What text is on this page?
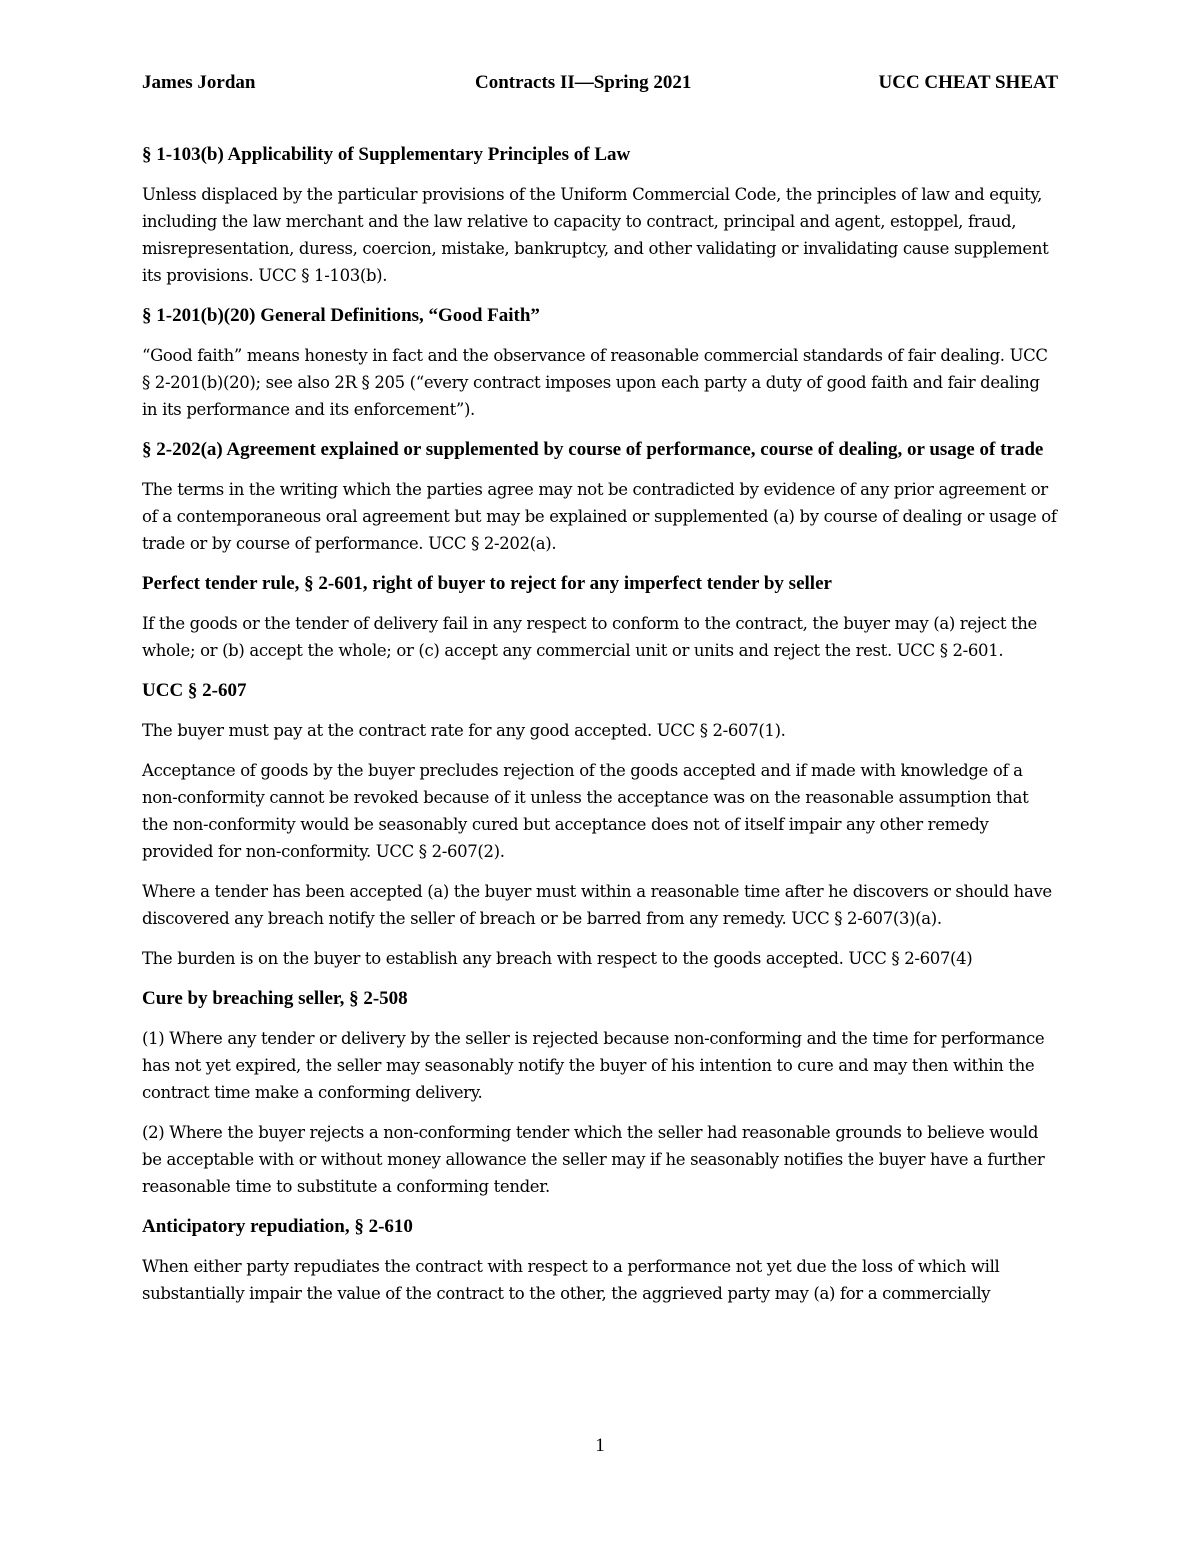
James Jordan	Contracts II—Spring 2021	UCC CHEAT SHEAT

§ 1-103(b) Applicability of Supplementary Principles of Law

Unless displaced by the particular provisions of the Uniform Commercial Code, the principles of law and equity, including the law merchant and the law relative to capacity to contract, principal and agent, estoppel, fraud, misrepresentation, duress, coercion, mistake, bankruptcy, and other validating or invalidating cause supplement its provisions. UCC § 1-103(b).

§ 1-201(b)(20) General Definitions, “Good Faith”

“Good faith” means honesty in fact and the observance of reasonable commercial standards of fair dealing. UCC § 2-201(b)(20); see also 2R § 205 (“every contract imposes upon each party a duty of good faith and fair dealing in its performance and its enforcement”).

§ 2-202(a) Agreement explained or supplemented by course of performance, course of dealing, or usage of trade

The terms in the writing which the parties agree may not be contradicted by evidence of any prior agreement or of a contemporaneous oral agreement but may be explained or supplemented (a) by course of dealing or usage of trade or by course of performance. UCC § 2-202(a).

Perfect tender rule, § 2-601, right of buyer to reject for any imperfect tender by seller

If the goods or the tender of delivery fail in any respect to conform to the contract, the buyer may (a) reject the whole; or (b) accept the whole; or (c) accept any commercial unit or units and reject the rest. UCC § 2-601.

UCC § 2-607

The buyer must pay at the contract rate for any good accepted. UCC § 2-607(1).

Acceptance of goods by the buyer precludes rejection of the goods accepted and if made with knowledge of a non-conformity cannot be revoked because of it unless the acceptance was on the reasonable assumption that the non-conformity would be seasonably cured but acceptance does not of itself impair any other remedy provided for non-conformity. UCC § 2-607(2).

Where a tender has been accepted (a) the buyer must within a reasonable time after he discovers or should have discovered any breach notify the seller of breach or be barred from any remedy. UCC § 2-607(3)(a).

The burden is on the buyer to establish any breach with respect to the goods accepted. UCC § 2-607(4)

Cure by breaching seller, § 2-508

(1) Where any tender or delivery by the seller is rejected because non-conforming and the time for performance has not yet expired, the seller may seasonably notify the buyer of his intention to cure and may then within the contract time make a conforming delivery.

(2) Where the buyer rejects a non-conforming tender which the seller had reasonable grounds to believe would be acceptable with or without money allowance the seller may if he seasonably notifies the buyer have a further reasonable time to substitute a conforming tender.

Anticipatory repudiation, § 2-610

When either party repudiates the contract with respect to a performance not yet due the loss of which will substantially impair the value of the contract to the other, the aggrieved party may (a) for a commercially

1
